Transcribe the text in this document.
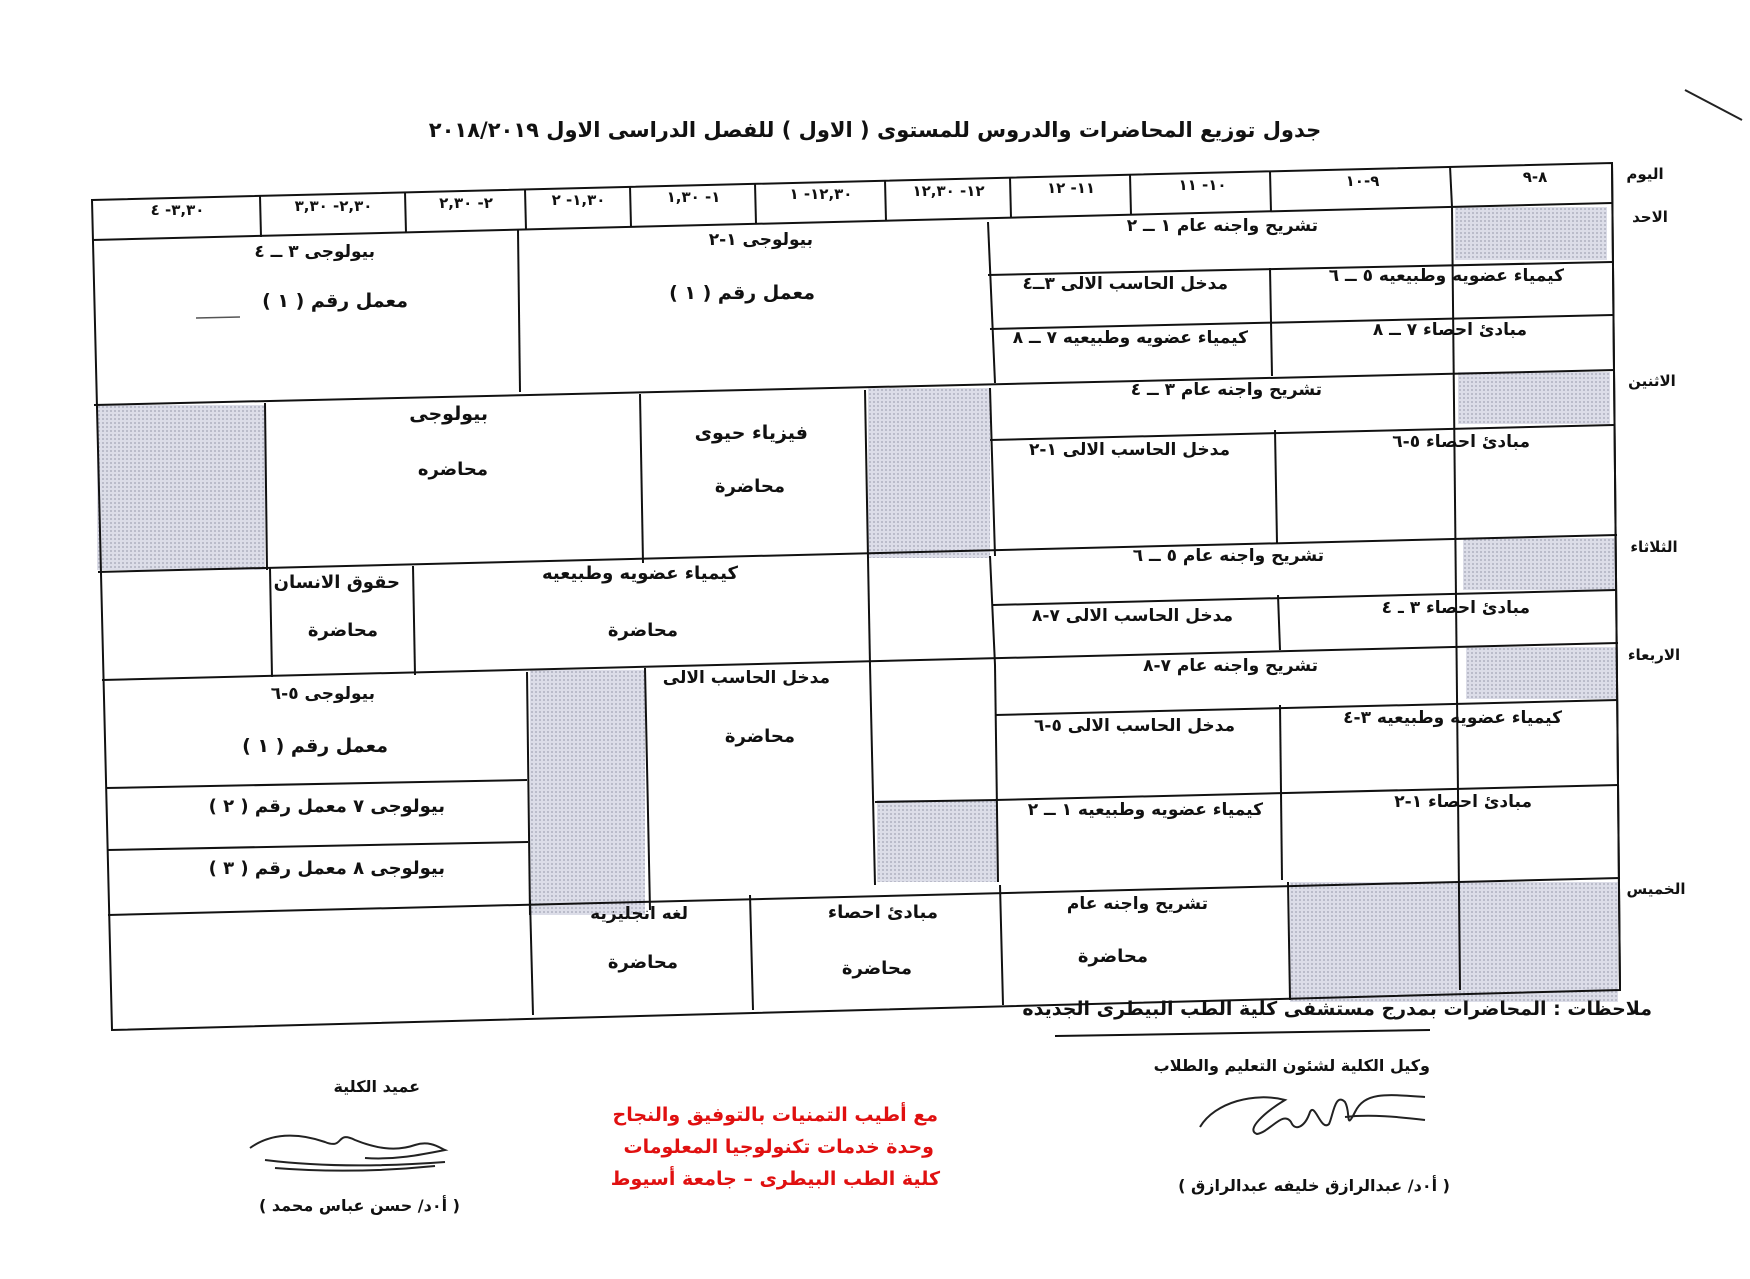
جدول توزيع المحاضرات والدروس للمستوى ( الاول ) للفصل الدراسى الاول ٢٠١٨/٢٠١٩
اليوم
٨-٩
٩-١٠
١٠- ١١
١١- ١٢
١٢- ١٢,٣٠
١٢,٣٠- ١
١- ١,٣٠
١,٣٠- ٢
٢- ٢,٣٠
٢,٣٠- ٣,٣٠
٣,٣٠- ٤	الاحد
الاثنين
الثلاثاء
الاربعاء
الخميس
تشريح واجنه عام ١ ــ ٢
كيمياء عضويه وطبيعيه ٥ ــ ٦
مدخل الحاسب الالى ٣ــ٤
مبادئ احصاء ٧ ــ ٨
كيمياء عضويه وطبيعيه ٧ ــ ٨
بيولوجى ١-٢
معمل رقم ( ١ )
بيولوجى ٣ ــ ٤
معمل رقم ( ١ )
تشريح واجنه عام ٣ ــ ٤
مبادئ احصاء ٥-٦
مدخل الحاسب الالى ١-٢
فيزياء حيوى
محاضرة
بيولوجى
محاضره
تشريح واجنه عام ٥ ــ ٦
مبادئ احصاء ٣ ـ ٤
مدخل الحاسب الالى ٧-٨
كيمياء عضويه وطبيعيه
محاضرة
حقوق الانسان
محاضرة
تشريح واجنه عام ٧-٨
كيمياء عضويه وطبيعيه ٣-٤
مدخل الحاسب الالى ٥-٦
مبادئ احصاء ١-٢
كيمياء عضويه وطبيعيه ١ ــ ٢
مدخل الحاسب الالى
محاضرة
بيولوجى ٥-٦
معمل رقم ( ١ )
بيولوجى ٧ معمل رقم ( ٢ )
بيولوجى ٨ معمل رقم ( ٣ )
تشريح واجنه عام
محاضرة
مبادئ احصاء
محاضرة
لغه انجليزيه
محاضرة
ملاحظات : المحاضرات بمدرج مستشفى كلية الطب البيطرى الجديده
وكيل الكلية لشئون التعليم والطلاب
( أ٠د/ عبدالرازق خليفه عبدالرازق )
عميد الكلية
( أ٠د/ حسن عباس محمد )
مع أطيب التمنيات بالتوفيق والنجاح
وحدة خدمات تكنولوجيا المعلومات
كلية الطب البيطرى – جامعة أسيوط
